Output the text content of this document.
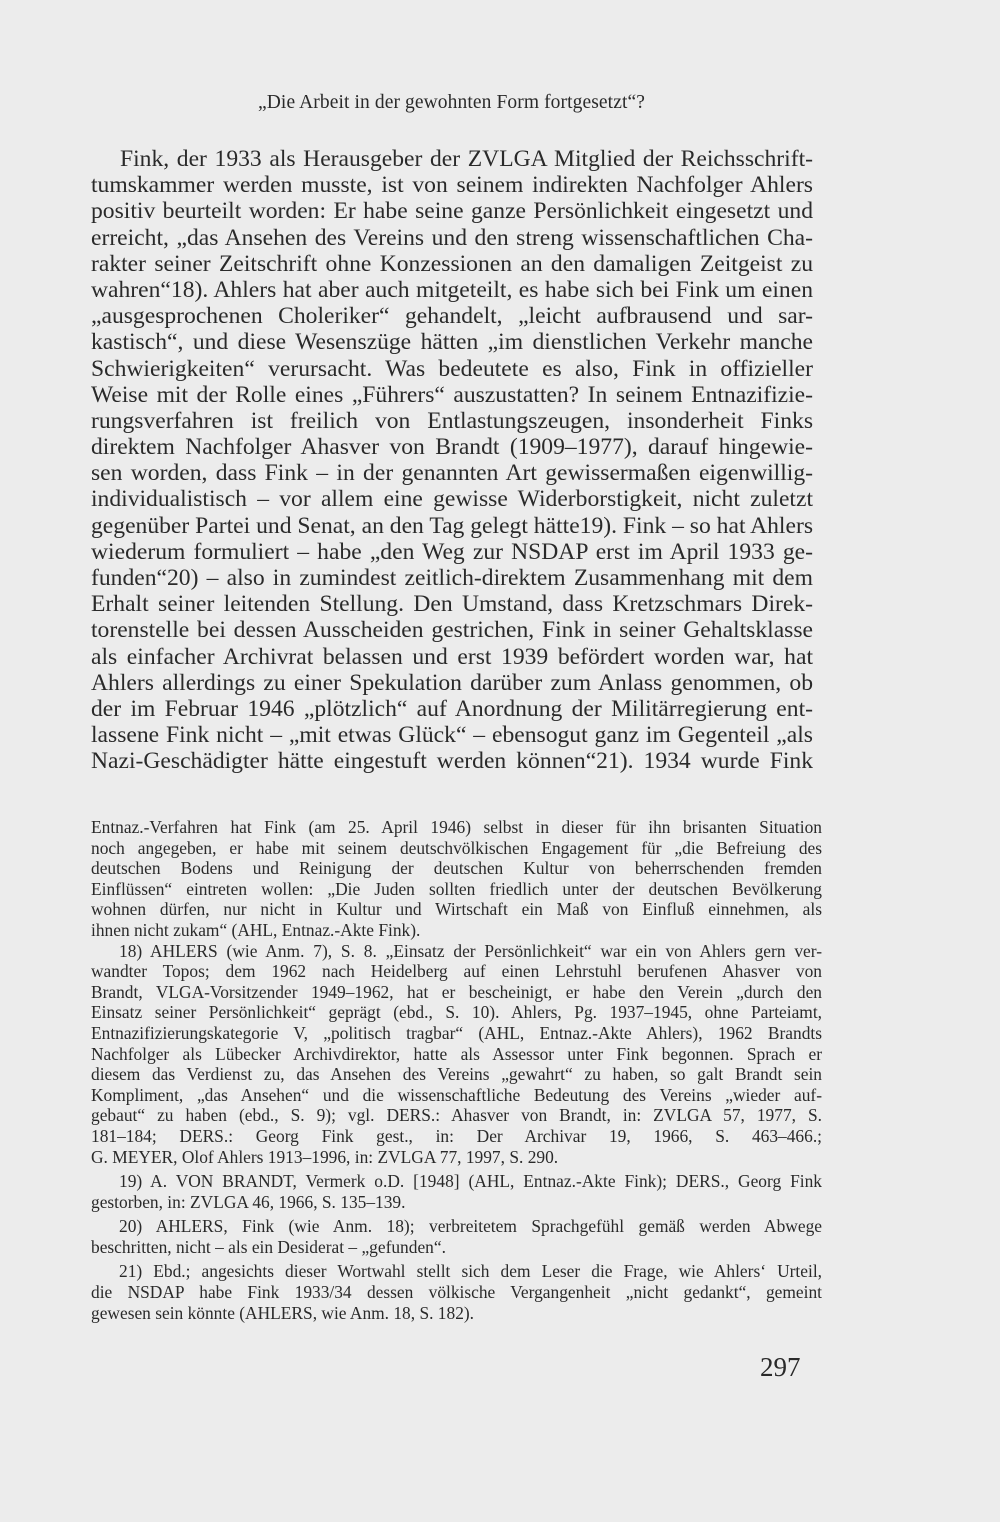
„Die Arbeit in der gewohnten Form fortgesetzt“?
Fink, der 1933 als Herausgeber der ZVLGA Mitglied der Reichsschrift-
tumskammer werden musste, ist von seinem indirekten Nachfolger Ahlers
positiv beurteilt worden: Er habe seine ganze Persönlichkeit eingesetzt und
erreicht, „das Ansehen des Vereins und den streng wissenschaftlichen Cha-
rakter seiner Zeitschrift ohne Konzessionen an den damaligen Zeitgeist zu
wahren“18). Ahlers hat aber auch mitgeteilt, es habe sich bei Fink um einen
„ausgesprochenen Choleriker“ gehandelt, „leicht aufbrausend und sar-
kastisch“, und diese Wesenszüge hätten „im dienstlichen Verkehr manche
Schwierigkeiten“ verursacht. Was bedeutete es also, Fink in offizieller
Weise mit der Rolle eines „Führers“ auszustatten? In seinem Entnazifizie-
rungsverfahren ist freilich von Entlastungszeugen, insonderheit Finks
direktem Nachfolger Ahasver von Brandt (1909–1977), darauf hingewie-
sen worden, dass Fink – in der genannten Art gewissermaßen eigenwillig-
individualistisch – vor allem eine gewisse Widerborstigkeit, nicht zuletzt
gegenüber Partei und Senat, an den Tag gelegt hätte19). Fink – so hat Ahlers
wiederum formuliert – habe „den Weg zur NSDAP erst im April 1933 ge-
funden“20) – also in zumindest zeitlich-direktem Zusammenhang mit dem
Erhalt seiner leitenden Stellung. Den Umstand, dass Kretzschmars Direk-
torenstelle bei dessen Ausscheiden gestrichen, Fink in seiner Gehaltsklasse
als einfacher Archivrat belassen und erst 1939 befördert worden war, hat
Ahlers allerdings zu einer Spekulation darüber zum Anlass genommen, ob
der im Februar 1946 „plötzlich“ auf Anordnung der Militärregierung ent-
lassene Fink nicht – „mit etwas Glück“ – ebensogut ganz im Gegenteil „als
Nazi-Geschädigter hätte eingestuft werden können“21). 1934 wurde Fink
Entnaz.-Verfahren hat Fink (am 25. April 1946) selbst in dieser für ihn brisanten Situation
noch angegeben, er habe mit seinem deutschvölkischen Engagement für „die Befreiung des
deutschen Bodens und Reinigung der deutschen Kultur von beherrschenden fremden
Einflüssen“ eintreten wollen: „Die Juden sollten friedlich unter der deutschen Bevölkerung
wohnen dürfen, nur nicht in Kultur und Wirtschaft ein Maß von Einfluß einnehmen, als
ihnen nicht zukam“ (AHL, Entnaz.-Akte Fink).
18) AHLERS (wie Anm. 7), S. 8. „Einsatz der Persönlichkeit“ war ein von Ahlers gern ver-
wandter Topos; dem 1962 nach Heidelberg auf einen Lehrstuhl berufenen Ahasver von
Brandt, VLGA-Vorsitzender 1949–1962, hat er bescheinigt, er habe den Verein „durch den
Einsatz seiner Persönlichkeit“ geprägt (ebd., S. 10). Ahlers, Pg. 1937–1945, ohne Parteiamt,
Entnazifizierungskategorie V, „politisch tragbar“ (AHL, Entnaz.-Akte Ahlers), 1962 Brandts
Nachfolger als Lübecker Archivdirektor, hatte als Assessor unter Fink begonnen. Sprach er
diesem das Verdienst zu, das Ansehen des Vereins „gewahrt“ zu haben, so galt Brandt sein
Kompliment, „das Ansehen“ und die wissenschaftliche Bedeutung des Vereins „wieder auf-
gebaut“ zu haben (ebd., S. 9); vgl. DERS.: Ahasver von Brandt, in: ZVLGA 57, 1977, S.
181–184; DERS.: Georg Fink gest., in: Der Archivar 19, 1966, S. 463–466.;
G. MEYER, Olof Ahlers 1913–1996, in: ZVLGA 77, 1997, S. 290.
19) A. VON BRANDT, Vermerk o.D. [1948] (AHL, Entnaz.-Akte Fink); DERS., Georg Fink
gestorben, in: ZVLGA 46, 1966, S. 135–139.
20) AHLERS, Fink (wie Anm. 18); verbreitetem Sprachgefühl gemäß werden Abwege
beschritten, nicht – als ein Desiderat – „gefunden“.
21) Ebd.; angesichts dieser Wortwahl stellt sich dem Leser die Frage, wie Ahlers‘ Urteil,
die NSDAP habe Fink 1933/34 dessen völkische Vergangenheit „nicht gedankt“, gemeint
gewesen sein könnte (AHLERS, wie Anm. 18, S. 182).
297
